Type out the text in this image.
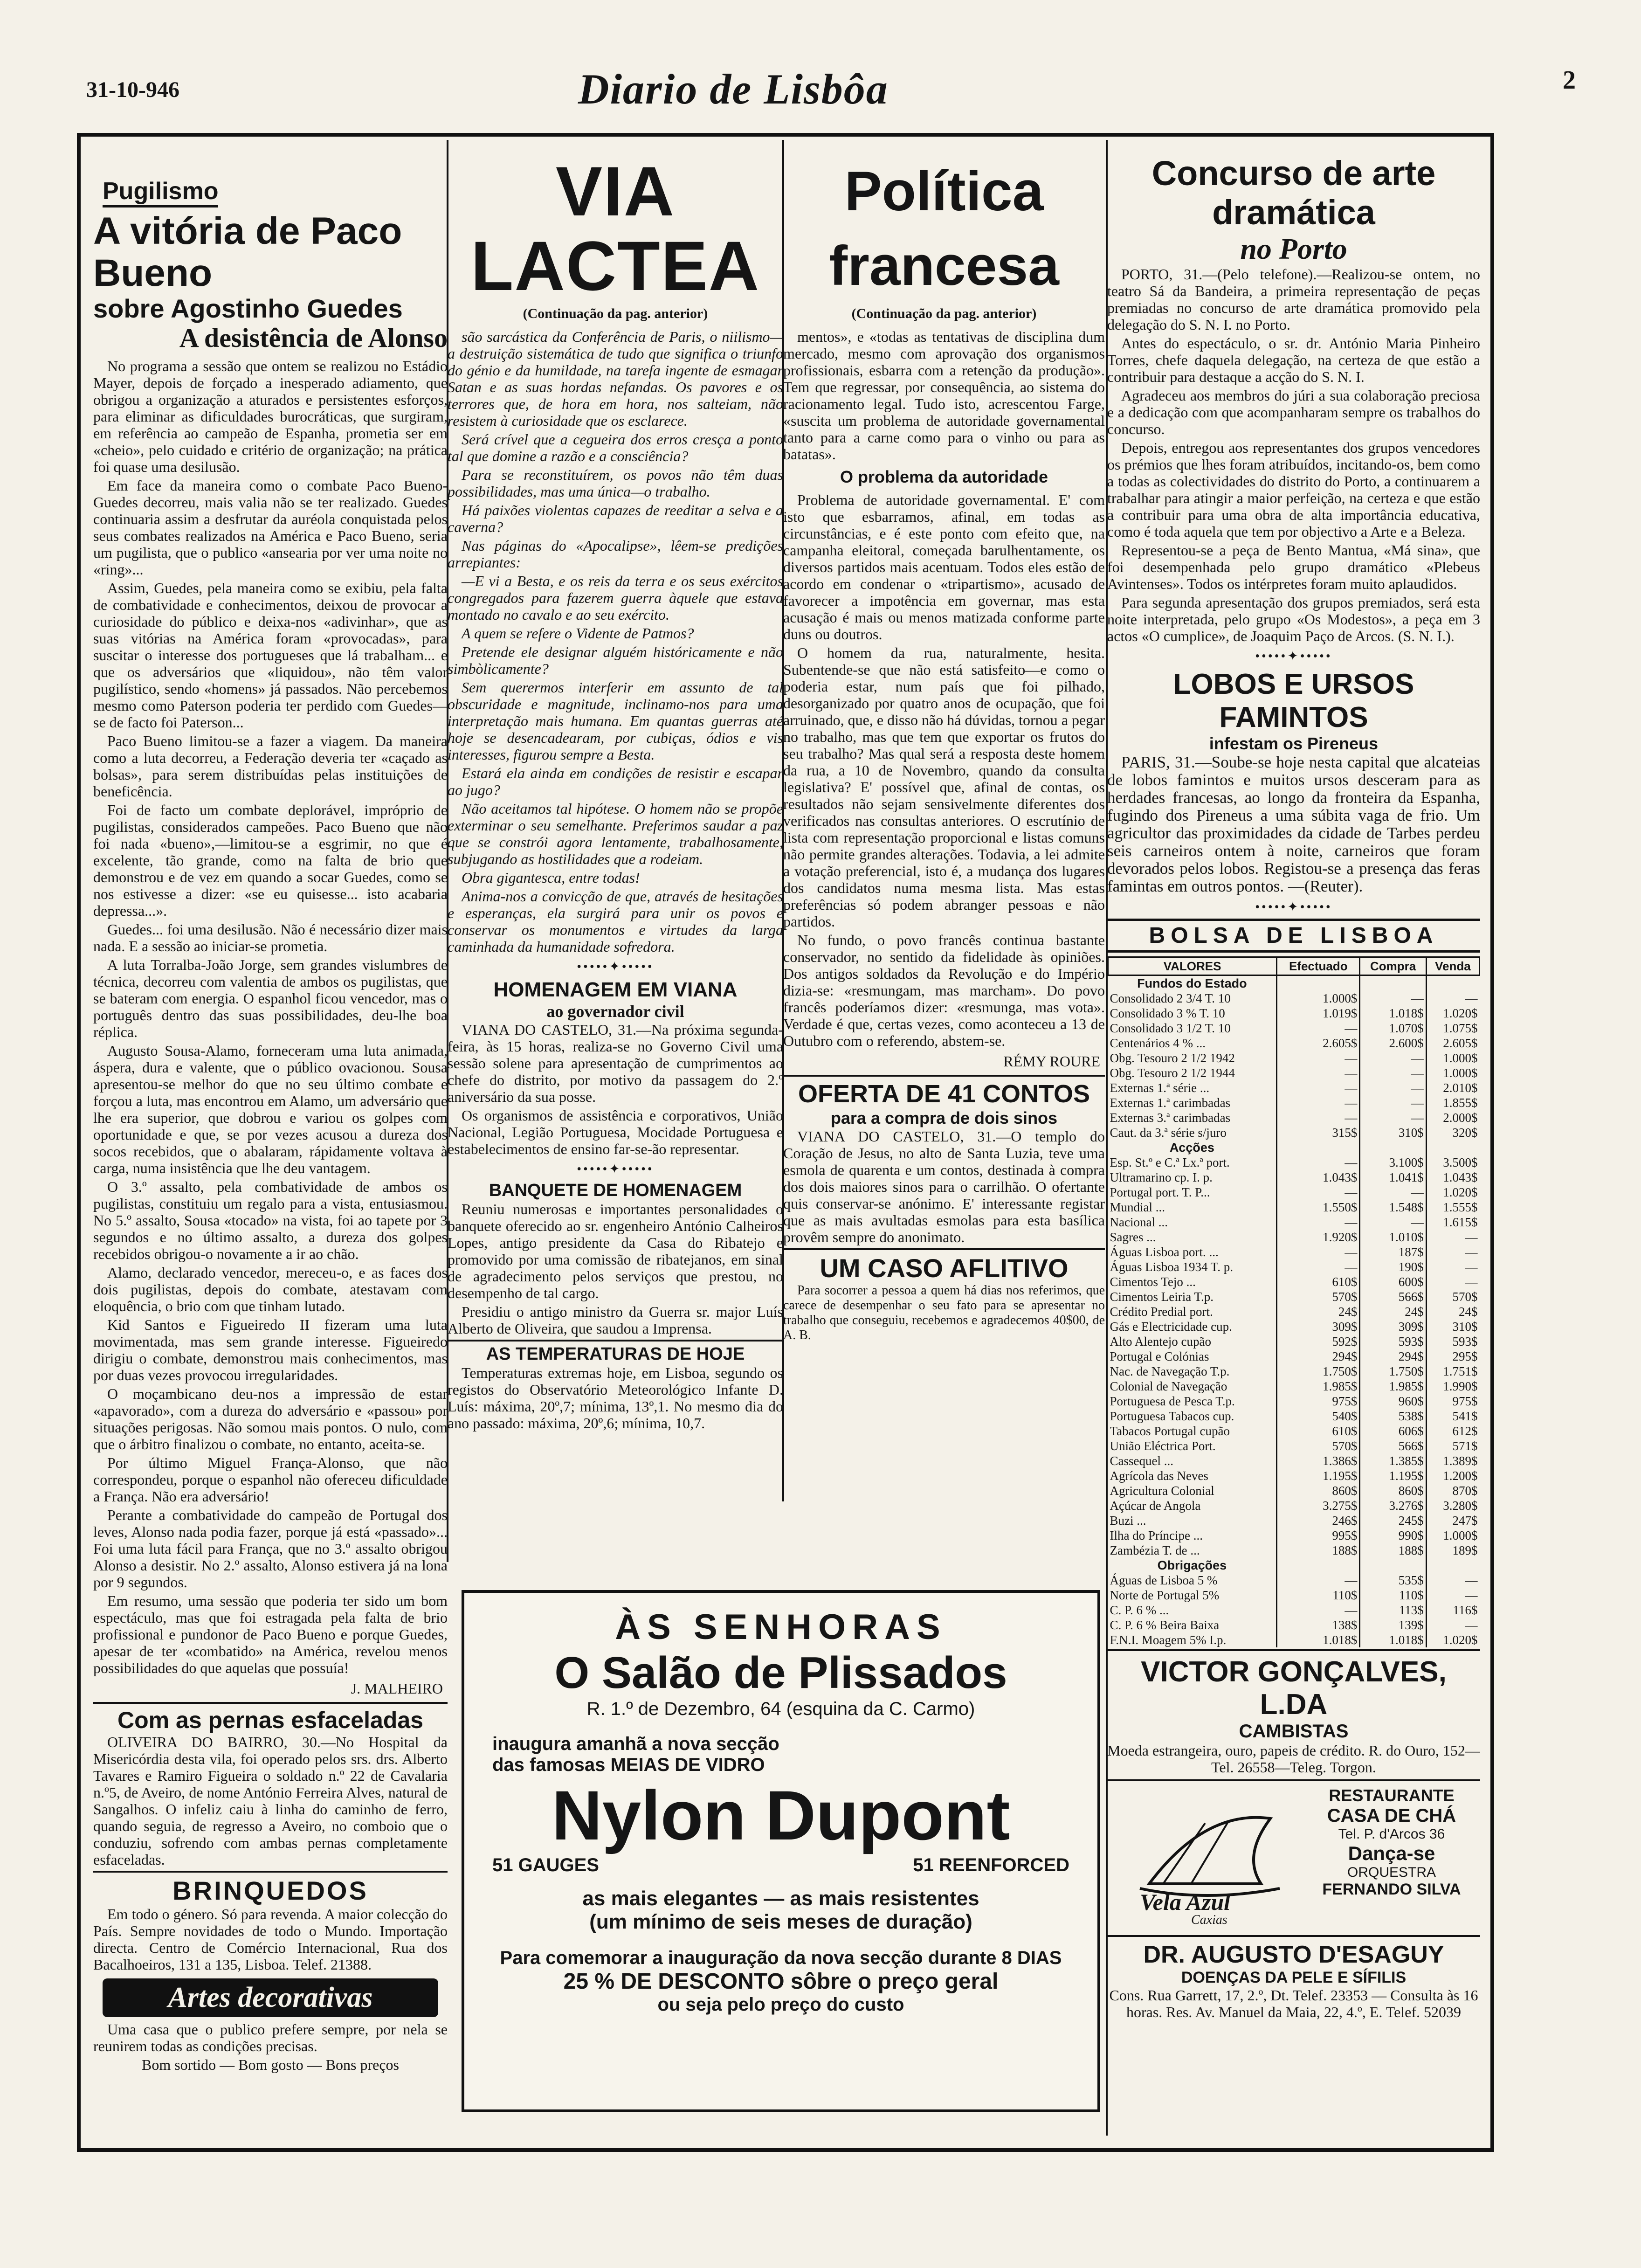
31-10-946	Diario de Lisbôa	2
Pugilismo
A vitória de Paco Bueno
sobre Agostinho Guedes
A desistência de Alonso

No programa a sessão que ontem se realizou no Estádio Mayer, depois de forçado a inesperado adiamento, que obrigou a organização a aturados e persistentes esforços, para eliminar as dificuldades burocráticas, que surgiram, em referência ao campeão de Espanha, prometia ser em «cheio», pelo cuidado e critério de organização; na prática foi quase uma desilusão.

Em face da maneira como o combate Paco Bueno-Guedes decorreu, mais valia não se ter realizado. Guedes continuaria assim a desfrutar da auréola conquistada pelos seus combates realizados na América e Paco Bueno, seria um pugilista, que o publico «ansearia por ver uma noite no «ring»...

Assim, Guedes, pela maneira como se exibiu, pela falta de combatividade e conhecimentos, deixou de provocar a curiosidade do público e deixa-nos «adivinhar», que as suas vitórias na América foram «provocadas», para suscitar o interesse dos portugueses que lá trabalham... e que os adversários que «liquidou», não têm valor pugilístico, sendo «homens» já passados. Não percebemos mesmo como Paterson poderia ter perdido com Guedes—se de facto foi Paterson...

Paco Bueno limitou-se a fazer a viagem. Da maneira como a luta decorreu, a Federação deveria ter «caçado as bolsas», para serem distribuídas pelas instituições de beneficência.

Foi de facto um combate deplorável, impróprio de pugilistas, considerados campeões. Paco Bueno que não foi nada «bueno»,—limitou-se a esgrimir, no que é excelente, tão grande, como na falta de brio que demonstrou e de vez em quando a socar Guedes, como se nos estivesse a dizer: «se eu quisesse... isto acabaria depressa...».

Guedes... foi uma desilusão. Não é necessário dizer mais nada. E a sessão ao iniciar-se prometia.

A luta Torralba-João Jorge, sem grandes vislumbres de técnica, decorreu com valentia de ambos os pugilistas, que se bateram com energia. O espanhol ficou vencedor, mas o português dentro das suas possibilidades, deu-lhe boa réplica.

Augusto Sousa-Alamo, forneceram uma luta animada, áspera, dura e valente, que o público ovacionou. Sousa apresentou-se melhor do que no seu último combate e forçou a luta, mas encontrou em Alamo, um adversário que lhe era superior, que dobrou e variou os golpes com oportunidade e que, se por vezes acusou a dureza dos socos recebidos, que o abalaram, rápidamente voltava à carga, numa insistência que lhe deu vantagem.

O 3.º assalto, pela combatividade de ambos os pugilistas, constituiu um regalo para a vista, entusiasmou. No 5.º assalto, Sousa «tocado» na vista, foi ao tapete por 3 segundos e no último assalto, a dureza dos golpes recebidos obrigou-o novamente a ir ao chão.

Alamo, declarado vencedor, mereceu-o, e as faces dos dois pugilistas, depois do combate, atestavam com eloquência, o brio com que tinham lutado.

Kid Santos e Figueiredo II fizeram uma luta movimentada, mas sem grande interesse. Figueiredo dirigiu o combate, demonstrou mais conhecimentos, mas por duas vezes provocou irregularidades.

O moçambicano deu-nos a impressão de estar «apavorado», com a dureza do adversário e «passou» por situações perigosas. Não somou mais pontos. O nulo, com que o árbitro finalizou o combate, no entanto, aceita-se.

Por último Miguel França-Alonso, que não correspondeu, porque o espanhol não ofereceu dificuldade a França. Não era adversário!

Perante a combatividade do campeão de Portugal dos leves, Alonso nada podia fazer, porque já está «passado»... Foi uma luta fácil para França, que no 3.º assalto obrigou Alonso a desistir. No 2.º assalto, Alonso estivera já na lona por 9 segundos.

Em resumo, uma sessão que poderia ter sido um bom espectáculo, mas que foi estragada pela falta de brio profissional e pundonor de Paco Bueno e porque Guedes, apesar de ter «combatido» na América, revelou menos possibilidades do que aquelas que possuía!

J. MALHEIRO
Com as pernas esfaceladas

OLIVEIRA DO BAIRRO, 30.—No Hospital da Misericórdia desta vila, foi operado pelos srs. drs. Alberto Tavares e Ramiro Figueira o soldado n.º 22 de Cavalaria n.º5, de Aveiro, de nome António Ferreira Alves, natural de Sangalhos. O infeliz caiu à linha do caminho de ferro, quando seguia, de regresso a Aveiro, no comboio que o conduziu, sofrendo com ambas pernas completamente esfaceladas.

BRINQUEDOS

Em todo o género. Só para revenda. A maior colecção do País. Sempre novidades de todo o Mundo. Importação directa. Centro de Comércio Internacional, Rua dos Bacalhoeiros, 131 a 135, Lisboa. Telef. 21388.

Artes decorativas

Uma casa que o publico prefere sempre, por nela se reunirem todas as condições precisas.

Bom sortido — Bom gosto — Bons preços
VIA LACTEA
(Continuação da pag. anterior)

são sarcástica da Conferência de Paris, o niilismo—a destruição sistemática de tudo que significa o triunfo do génio e da humildade, na tarefa ingente de esmagar Satan e as suas hordas nefandas. Os pavores e os terrores que, de hora em hora, nos salteiam, não resistem à curiosidade que os esclarece.

Será crível que a cegueira dos erros cresça a ponto tal que domine a razão e a consciência?

Para se reconstituírem, os povos não têm duas possibilidades, mas uma única—o trabalho.

Há paixões violentas capazes de reeditar a selva e a caverna?

Nas páginas do «Apocalipse», lêem-se predições arrepiantes:

—E vi a Besta, e os reis da terra e os seus exércitos congregados para fazerem guerra àquele que estava montado no cavalo e ao seu exército.

A quem se refere o Vidente de Patmos?

Pretende ele designar alguém históricamente e não simbòlicamente?

Sem querermos interferir em assunto de tal obscuridade e magnitude, inclinamo-nos para uma interpretação mais humana. Em quantas guerras até hoje se desencadearam, por cubiças, ódios e vis interesses, figurou sempre a Besta.

Estará ela ainda em condições de resistir e escapar ao jugo?

Não aceitamos tal hipótese. O homem não se propõe exterminar o seu semelhante. Preferimos saudar a paz que se constrói agora lentamente, trabalhosamente, subjugando as hostilidades que a rodeiam.

Obra gigantesca, entre todas!

Anima-nos a convicção de que, através de hesitações e esperanças, ela surgirá para unir os povos e conservar os monumentos e virtudes da larga caminhada da humanidade sofredora.

•••••✦•••••
HOMENAGEM EM VIANA
ao governador civil

VIANA DO CASTELO, 31.—Na próxima segunda-feira, às 15 horas, realiza-se no Governo Civil uma sessão solene para apresentação de cumprimentos ao chefe do distrito, por motivo da passagem do 2.º aniversário da sua posse.

Os organismos de assistência e corporativos, União Nacional, Legião Portuguesa, Mocidade Portuguesa e estabelecimentos de ensino far-se-ão representar.

•••••✦•••••
BANQUETE DE HOMENAGEM

Reuniu numerosas e importantes personalidades o banquete oferecido ao sr. engenheiro António Calheiros Lopes, antigo presidente da Casa do Ribatejo e promovido por uma comissão de ribatejanos, em sinal de agradecimento pelos serviços que prestou, no desempenho de tal cargo.

Presidiu o antigo ministro da Guerra sr. major Luís Alberto de Oliveira, que saudou a Imprensa.

AS TEMPERATURAS DE HOJE

Temperaturas extremas hoje, em Lisboa, segundo os registos do Observatório Meteorológico Infante D. Luís: máxima, 20º,7; mínima, 13º,1. No mesmo dia do ano passado: máxima, 20º,6; mínima, 10,7.

Política francesa
(Continuação da pag. anterior)

mentos», e «todas as tentativas de disciplina dum mercado, mesmo com aprovação dos organismos profissionais, esbarra com a retenção da produção». Tem que regressar, por consequência, ao sistema do racionamento legal. Tudo isto, acrescentou Farge, «suscita um problema de autoridade governamental tanto para a carne como para o vinho ou para as batatas».

O problema da autoridade

Problema de autoridade governamental. E' com isto que esbarramos, afinal, em todas as circunstâncias, e é este ponto com efeito que, na campanha eleitoral, começada barulhentamente, os diversos partidos mais acentuam. Todos eles estão de acordo em condenar o «tripartismo», acusado de favorecer a impotência em governar, mas esta acusação é mais ou menos matizada conforme parte duns ou doutros.

O homem da rua, naturalmente, hesita. Subentende-se que não está satisfeito—e como o poderia estar, num país que foi pilhado, desorganizado por quatro anos de ocupação, que foi arruinado, que, e disso não há dúvidas, tornou a pegar no trabalho, mas que tem que exportar os frutos do seu trabalho? Mas qual será a resposta deste homem da rua, a 10 de Novembro, quando da consulta legislativa? E' possível que, afinal de contas, os resultados não sejam sensivelmente diferentes dos verificados nas consultas anteriores. O escrutínio de lista com representação proporcional e listas comuns não permite grandes alterações. Todavia, a lei admite a votação preferencial, isto é, a mudança dos lugares dos candidatos numa mesma lista. Mas estas preferências só podem abranger pessoas e não partidos.

No fundo, o povo francês continua bastante conservador, no sentido da fidelidade às opiniões. Dos antigos soldados da Revolução e do Império dizia-se: «resmungam, mas marcham». Do povo francês poderíamos dizer: «resmunga, mas vota». Verdade é que, certas vezes, como aconteceu a 13 de Outubro com o referendo, abstem-se.

RÉMY ROURE
OFERTA DE 41 CONTOS
para a compra de dois sinos

VIANA DO CASTELO, 31.—O templo do Coração de Jesus, no alto de Santa Luzia, teve uma esmola de quarenta e um contos, destinada à compra dos dois maiores sinos para o carrilhão. O ofertante quis conservar-se anónimo. E' interessante registar que as mais avultadas esmolas para esta basílica provêm sempre do anonimato.

UM CASO AFLITIVO

Para socorrer a pessoa a quem há dias nos referimos, que carece de desempenhar o seu fato para se apresentar no trabalho que conseguiu, recebemos e agradecemos 40$00, de A. B.

Concurso de arte dramática
no Porto

PORTO, 31.—(Pelo telefone).—Realizou-se ontem, no teatro Sá da Bandeira, a primeira representação de peças premiadas no concurso de arte dramática promovido pela delegação do S. N. I. no Porto.

Antes do espectáculo, o sr. dr. António Maria Pinheiro Torres, chefe daquela delegação, na certeza de que estão a contribuir para destaque a acção do S. N. I.

Agradeceu aos membros do júri a sua colaboração preciosa e a dedicação com que acompanharam sempre os trabalhos do concurso.

Depois, entregou aos representantes dos grupos vencedores os prémios que lhes foram atribuídos, incitando-os, bem como a todas as colectividades do distrito do Porto, a continuarem a trabalhar para atingir a maior perfeição, na certeza e que estão a contribuir para uma obra de alta importância educativa, como é toda aquela que tem por objectivo a Arte e a Beleza.

Representou-se a peça de Bento Mantua, «Má sina», que foi desempenhada pelo grupo dramático «Plebeus Avintenses». Todos os intérpretes foram muito aplaudidos.

Para segunda apresentação dos grupos premiados, será esta noite interpretada, pelo grupo «Os Modestos», a peça em 3 actos «O cumplice», de Joaquim Paço de Arcos. (S. N. I.).

•••••✦•••••
LOBOS E URSOS FAMINTOS
infestam os Pireneus

PARIS, 31.—Soube-se hoje nesta capital que alcateias de lobos famintos e muitos ursos desceram para as herdades francesas, ao longo da fronteira da Espanha, fugindo dos Pireneus a uma súbita vaga de frio. Um agricultor das proximidades da cidade de Tarbes perdeu seis carneiros ontem à noite, carneiros que foram devorados pelos lobos. Registou-se a presença das feras famintas em outros pontos. —(Reuter).

•••••✦•••••
BOLSA DE LISBOA
VALORES	Efectuado	Compra	Venda
Fundos do Estado			
Consolidado 2 3/4 T. 10	1.000$	—	—
Consolidado 3 % T. 10	1.019$	1.018$	1.020$
Consolidado 3 1/2 T. 10	—	1.070$	1.075$
Centenários 4 % ...	2.605$	2.600$	2.605$
Obg. Tesouro 2 1/2 1942	—	—	1.000$
Obg. Tesouro 2 1/2 1944	—	—	1.000$
Externas 1.ª série ...	—	—	2.010$
Externas 1.ª carimbadas	—	—	1.855$
Externas 3.ª carimbadas	—	—	2.000$
Caut. da 3.ª série s/juro	315$	310$	320$
Acções			
Esp. St.º e C.ª Lx.ª port.	—	3.100$	3.500$
Ultramarino cp. I. p.	1.043$	1.041$	1.043$
Portugal port. T. P...	—	—	1.020$
Mundial ...	1.550$	1.548$	1.555$
Nacional ...	—	—	1.615$
Sagres ...	1.920$	1.010$	—
Águas Lisboa port. ...	—	187$	—
Águas Lisboa 1934 T. p.	—	190$	—
Cimentos Tejo ...	610$	600$	—
Cimentos Leiria T.p.	570$	566$	570$
Crédito Predial port.	24$	24$	24$
Gás e Electricidade cup.	309$	309$	310$
Alto Alentejo cupão	592$	593$	593$
Portugal e Colónias	294$	294$	295$
Nac. de Navegação T.p.	1.750$	1.750$	1.751$
Colonial de Navegação	1.985$	1.985$	1.990$
Portuguesa de Pesca T.p.	975$	960$	975$
Portuguesa Tabacos cup.	540$	538$	541$
Tabacos Portugal cupão	610$	606$	612$
União Eléctrica Port.	570$	566$	571$
Cassequel ...	1.386$	1.385$	1.389$
Agrícola das Neves	1.195$	1.195$	1.200$
Agricultura Colonial	860$	860$	870$
Açúcar de Angola	3.275$	3.276$	3.280$
Buzi ...	246$	245$	247$
Ilha do Príncipe ...	995$	990$	1.000$
Zambézia T. de ...	188$	188$	189$
Obrigações			
Águas de Lisboa 5 %	—	535$	—
Norte de Portugal 5%	110$	110$	—
C. P. 6 % ...	—	113$	116$
C. P. 6 % Beira Baixa	138$	139$	—
F.N.I. Moagem 5% I.p.	1.018$	1.018$	1.020$
VICTOR GONÇALVES, L.DA
CAMBISTAS

Moeda estrangeira, ouro, papeis de crédito. R. do Ouro, 152—Tel. 26558—Teleg. Torgon.

Vela Azul
Caxias
RESTAURANTE
CASA DE CHÁ
Tel. P. d'Arcos 36
Dança-se
ORQUESTRA
FERNANDO SILVA
DR. AUGUSTO D'ESAGUY
DOENÇAS DA PELE E SÍFILIS

Cons. Rua Garrett, 17, 2.º, Dt. Telef. 23353 — Consulta às 16 horas. Res. Av. Manuel da Maia, 22, 4.º, E. Telef. 52039

ÀS SENHORAS
O Salão de Plissados
R. 1.º de Dezembro, 64 (esquina da C. Carmo)
inaugura amanhã a nova secção
das famosas MEIAS DE VIDRO
Nylon Dupont
51 GAUGES	51 REENFORCED
as mais elegantes — as mais resistentes
(um mínimo de seis meses de duração)
Para comemorar a inauguração da nova secção durante 8 DIAS
25 % DE DESCONTO sôbre o preço geral
ou seja pelo preço do custo
